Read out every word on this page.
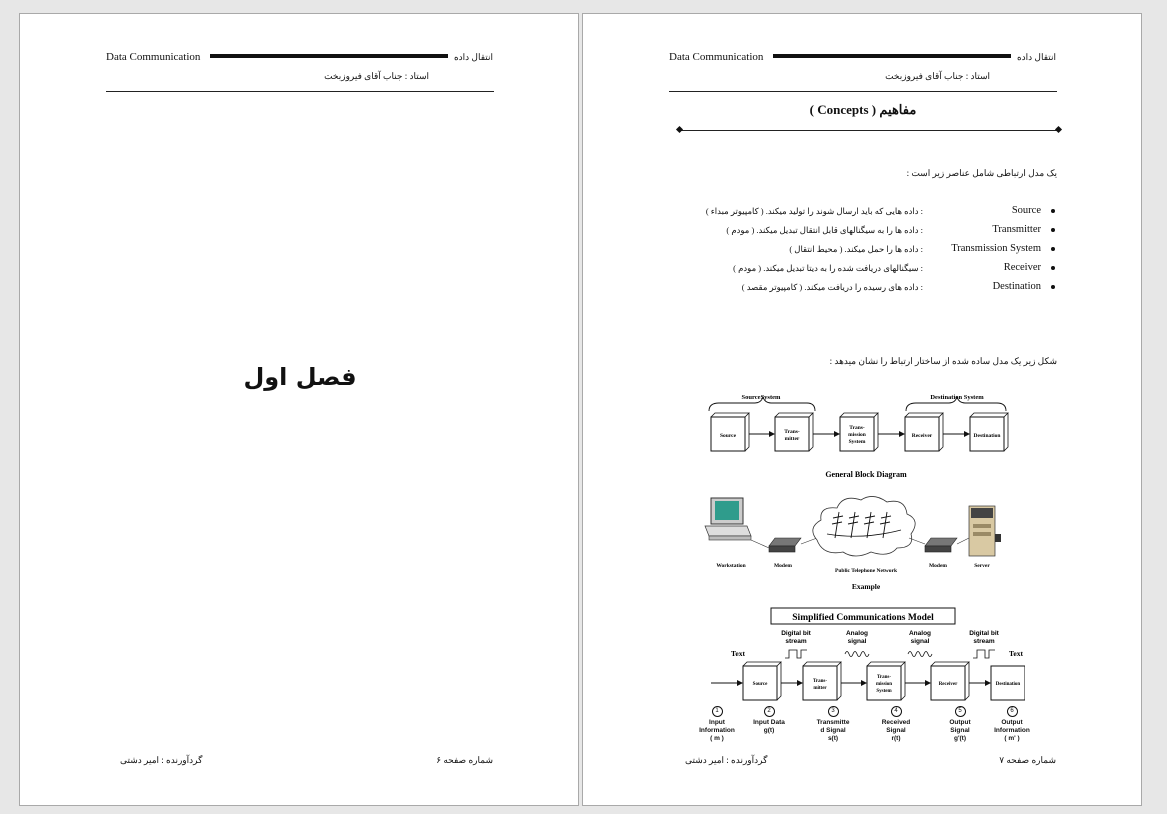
Data Communication	انتقال داده
استاد : جناب آقای فیروزبخت
فصل اول
شماره صفحه ۶
گردآورنده : امیر دشتی
Data Communication	انتقال داده
استاد : جناب آقای فیروزبخت
مفاهیم ( Concepts )
یک مدل ارتباطی شامل عناصر زیر است :
Source
: داده هایی که باید ارسال شوند را تولید میکند. ( کامپیوتر مبداء )
Transmitter
: داده ها را به سیگنالهای قابل انتقال تبدیل میکند. ( مودم )
Transmission System
: داده ها را حمل میکند. ( محیط انتقال )
Receiver
: سیگنالهای دریافت شده را به دیتا تبدیل میکند. ( مودم )
Destination
: داده های رسیده را دریافت میکند. ( کامپیوتر مقصد )
شکل زیر یک مدل ساده شده از ساختار ارتباط را نشان میدهد :
SourceSystem	Destination System
Source
Trans-
mitter
Trans-
mission
System
Receiver	Destination
General Block Diagram
Workstation	Modem
Public Telephone Network
Modem	Server
Example
Simplified Communications Model
Text	Text
Digital bit
stream
Analog
signal
Analog
signal
Digital bit
stream
Source
Trans-
mitter
Trans-
mission
System
Receiver	Destination
1
Input
Information
( m )
2
Input Data
g(t)
3
Transmitte
d Signal
s(t)
4
Received
Signal
r(t)
5
Output
Signal
g'(t)
6
Output
Information
( m' )
شماره صفحه ۷
گردآورنده : امیر دشتی
